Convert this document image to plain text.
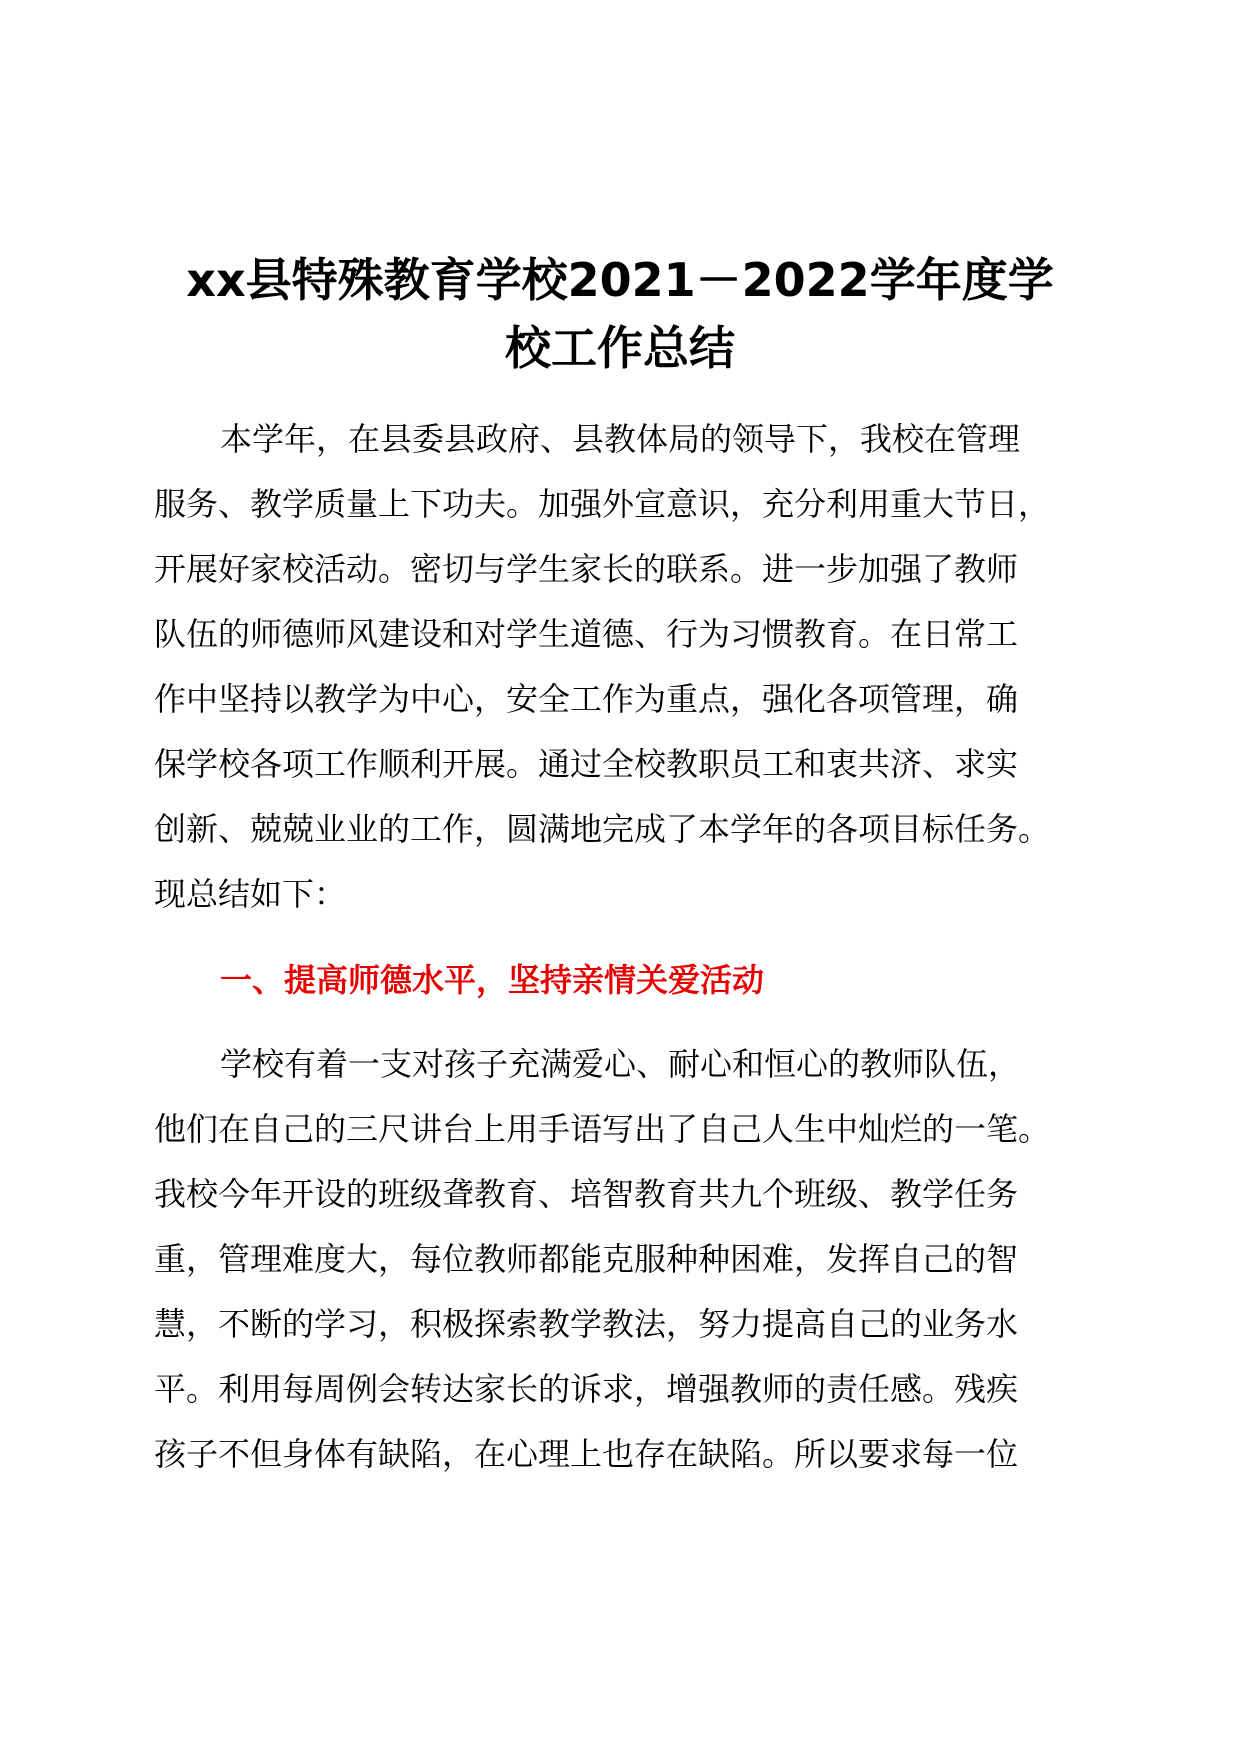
xx县特殊教育学校2021－2022学年度学
校工作总结
本学年，在县委县政府、县教体局的领导下，我校在管理
服务、教学质量上下功夫。加强外宣意识，充分利用重大节日，
开展好家校活动。密切与学生家长的联系。进一步加强了教师
队伍的师德师风建设和对学生道德、行为习惯教育。在日常工
作中坚持以教学为中心，安全工作为重点，强化各项管理，确
保学校各项工作顺利开展。通过全校教职员工和衷共济、求实
创新、兢兢业业的工作，圆满地完成了本学年的各项目标任务。
现总结如下：
一、提高师德水平，坚持亲情关爱活动
学校有着一支对孩子充满爱心、耐心和恒心的教师队伍，
他们在自己的三尺讲台上用手语写出了自己人生中灿烂的一笔。
我校今年开设的班级聋教育、培智教育共九个班级、教学任务
重，管理难度大，每位教师都能克服种种困难，发挥自己的智
慧，不断的学习，积极探索教学教法，努力提高自己的业务水
平。利用每周例会转达家长的诉求，增强教师的责任感。残疾
孩子不但身体有缺陷，在心理上也存在缺陷。所以要求每一位
